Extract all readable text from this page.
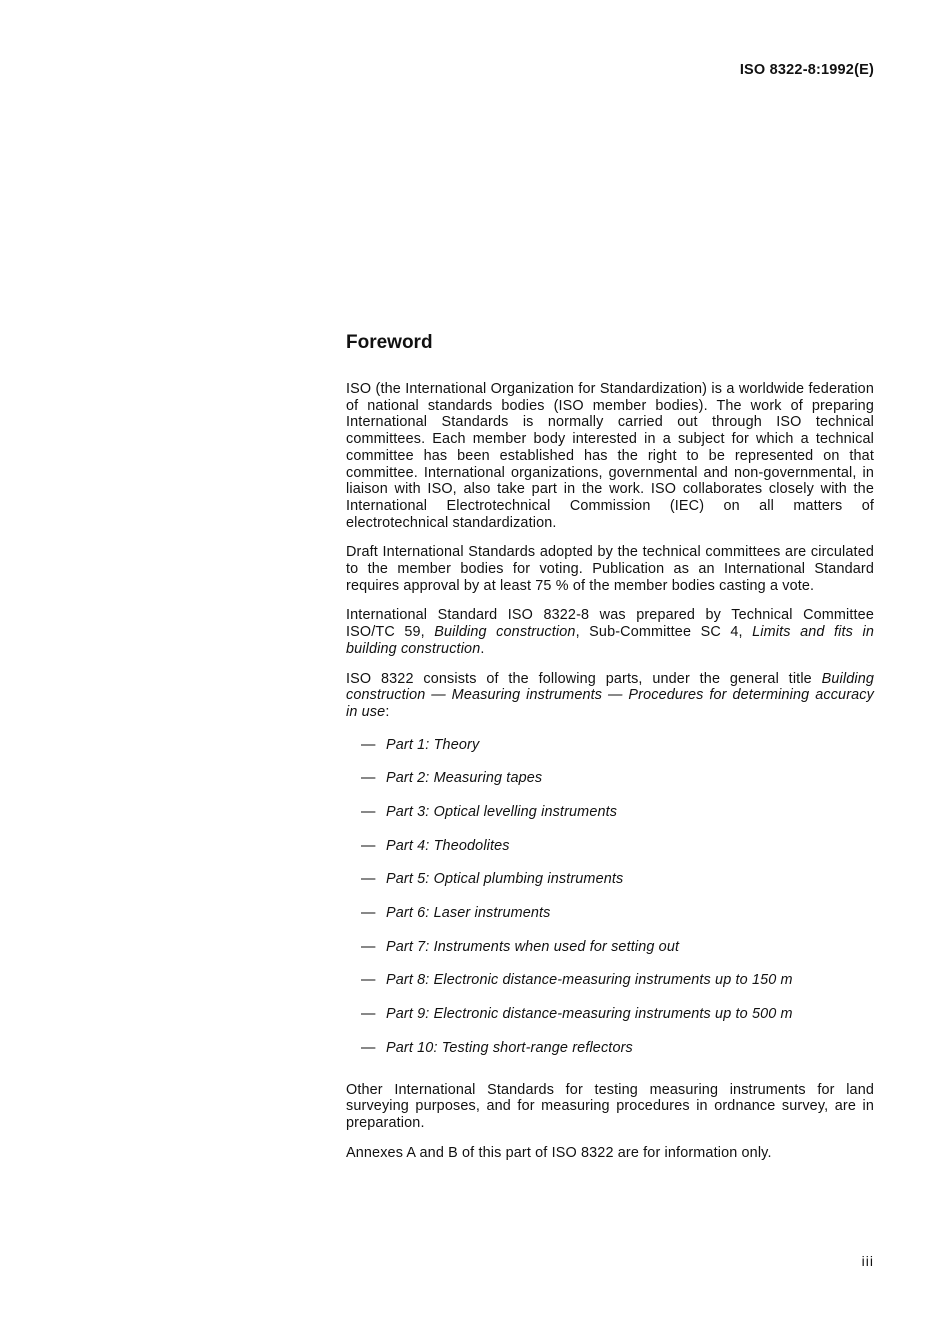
ISO 8322-8:1992(E)
Foreword

ISO (the International Organization for Standardization) is a worldwide federation of national standards bodies (ISO member bodies). The work of preparing International Standards is normally carried out through ISO technical committees. Each member body interested in a subject for which a technical committee has been established has the right to be represented on that committee. International organizations, governmental and non-governmental, in liaison with ISO, also take part in the work. ISO collaborates closely with the International Electrotechnical Commission (IEC) on all matters of electrotechnical standardization.

Draft International Standards adopted by the technical committees are circulated to the member bodies for voting. Publication as an International Standard requires approval by at least 75 % of the member bodies casting a vote.

International Standard ISO 8322-8 was prepared by Technical Committee ISO/TC 59, Building construction, Sub-Committee SC 4, Limits and fits in building construction.

ISO 8322 consists of the following parts, under the general title Building construction — Measuring instruments — Procedures for determining accuracy in use:

— Part 1: Theory
— Part 2: Measuring tapes
— Part 3: Optical levelling instruments
— Part 4: Theodolites
— Part 5: Optical plumbing instruments
— Part 6: Laser instruments
— Part 7: Instruments when used for setting out
— Part 8: Electronic distance-measuring instruments up to 150 m
— Part 9: Electronic distance-measuring instruments up to 500 m
— Part 10: Testing short-range reflectors

Other International Standards for testing measuring instruments for land surveying purposes, and for measuring procedures in ordnance survey, are in preparation.

Annexes A and B of this part of ISO 8322 are for information only.

iii
